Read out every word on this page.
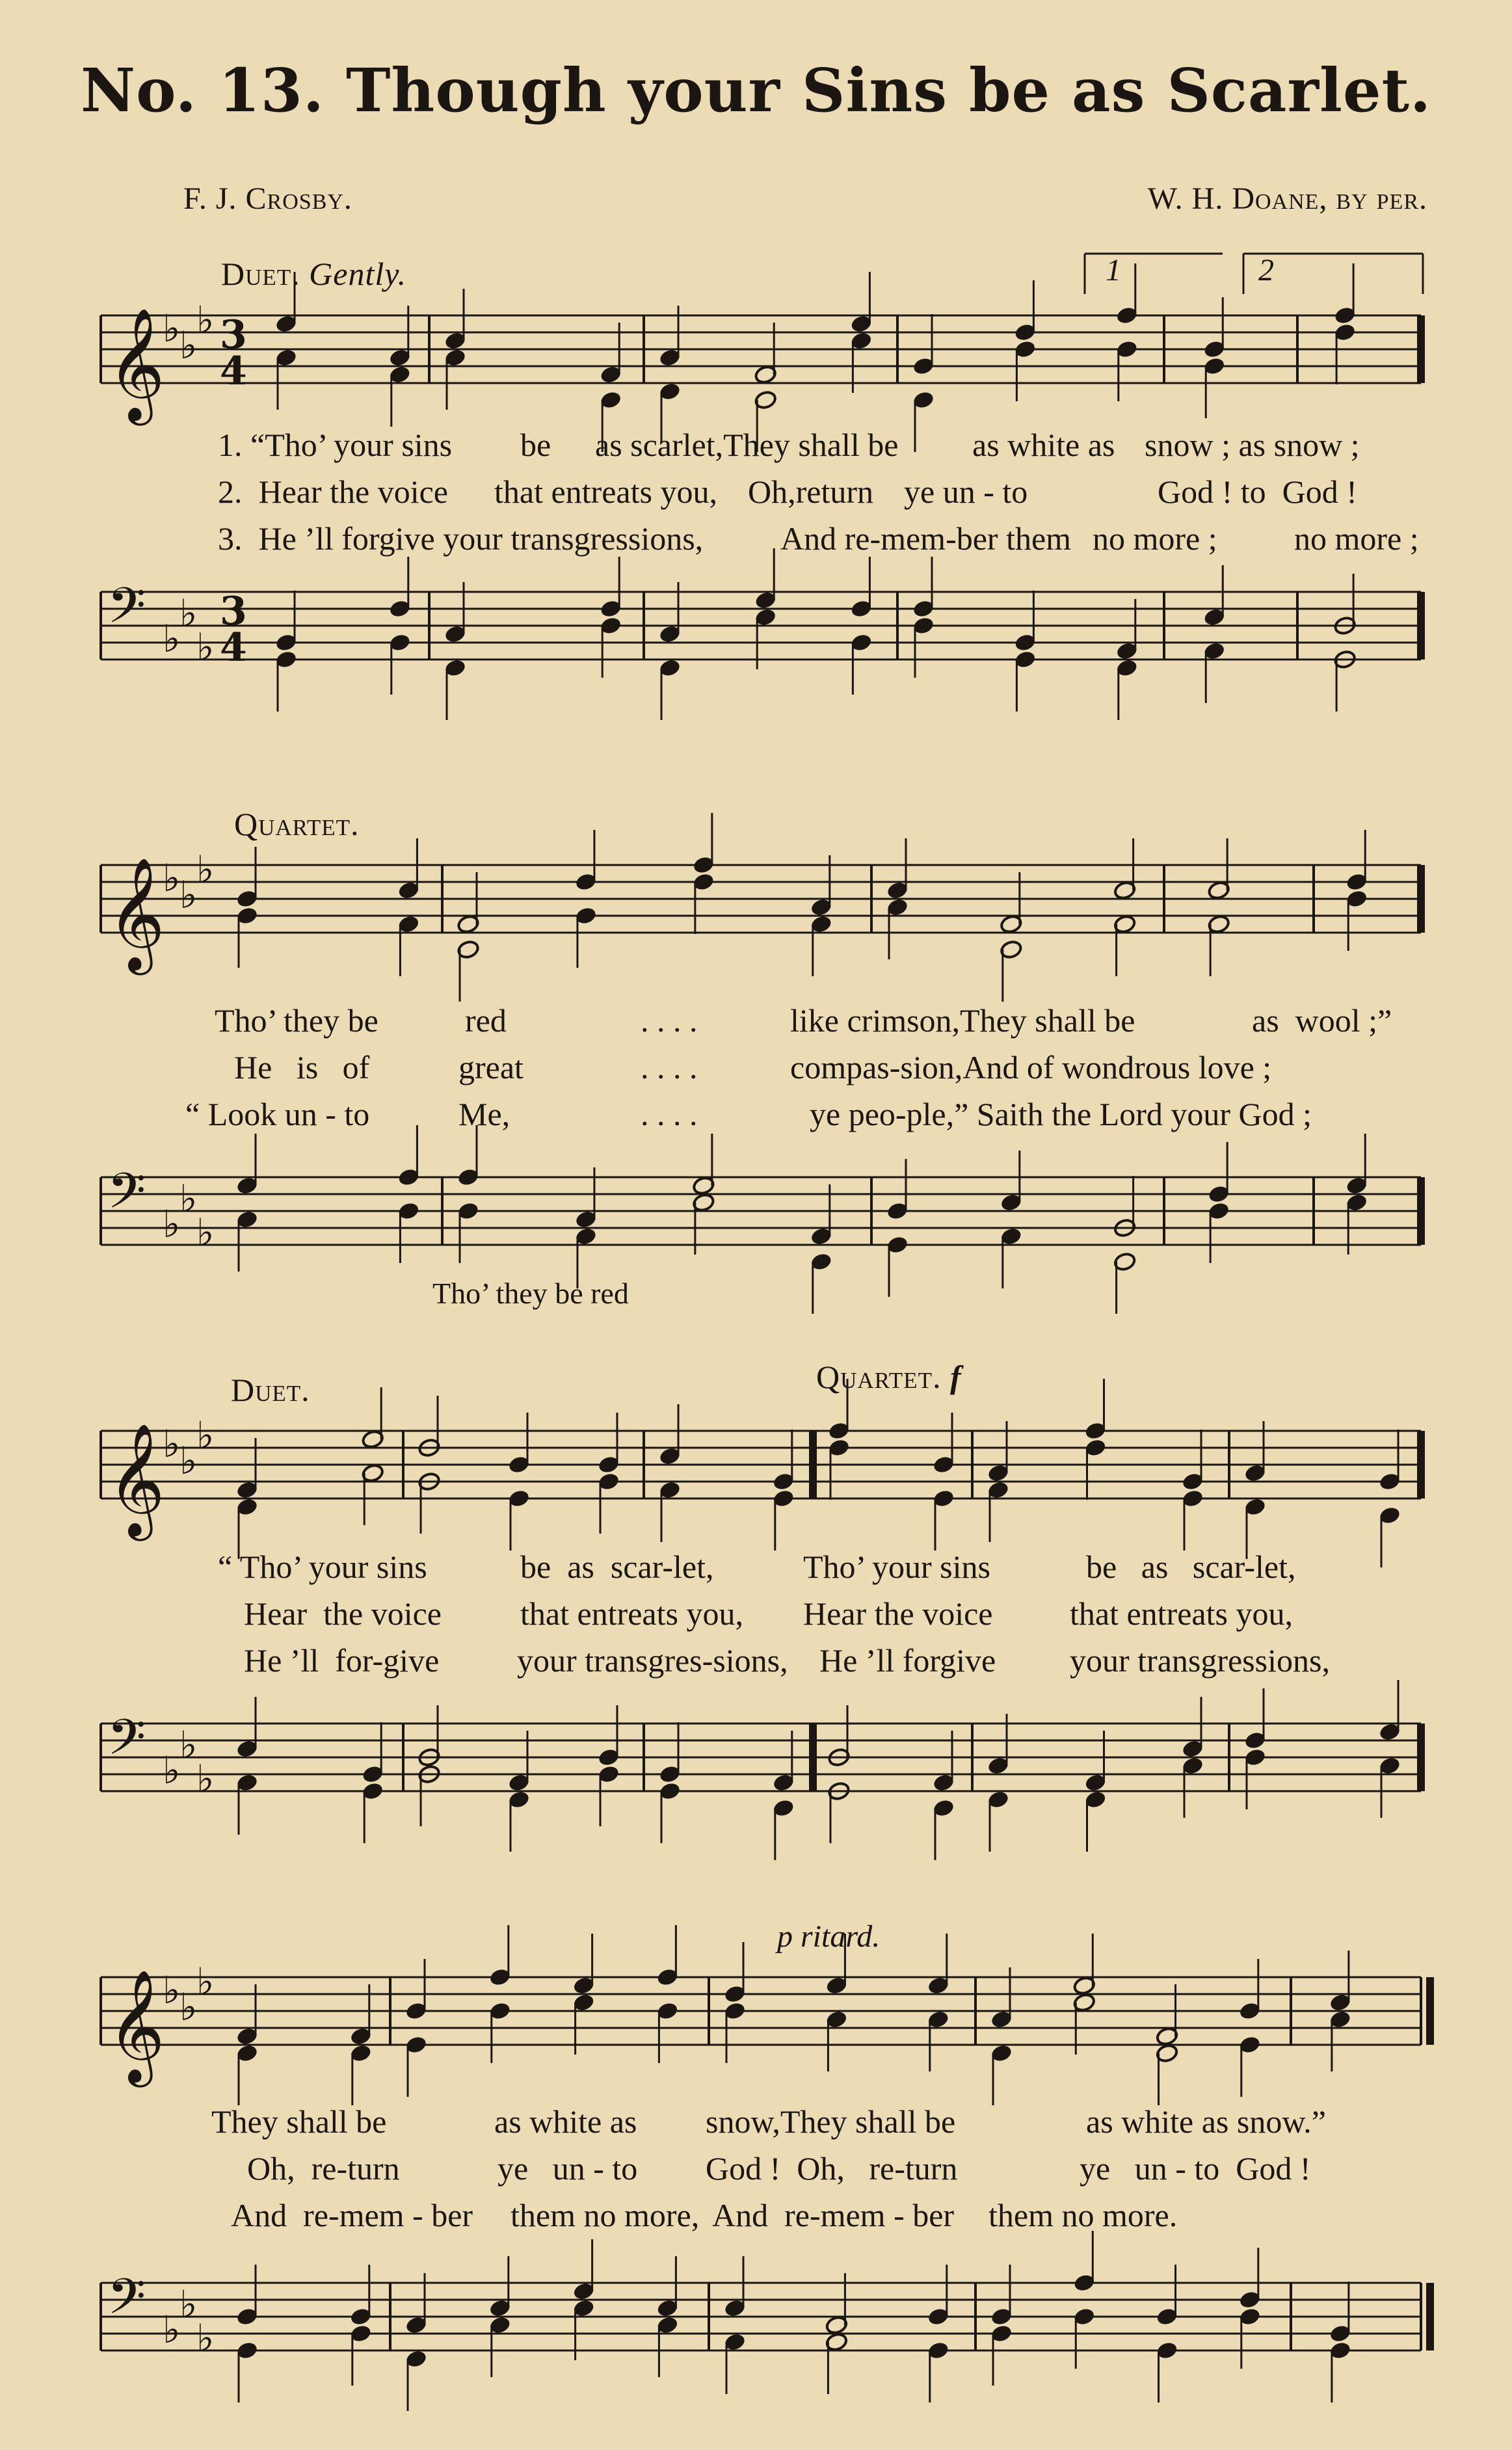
No. 13. Though your Sins be as Scarlet.
F. J. Crosby.	W. H. Doane, by per.
Duet. Gently.	1	2
𝄞
♭
♭
♭ 3
4

1. “Tho’ your sins be as scarlet,They shall be as white as snow ; as snow ;

2.  Hear the voice that entreats you, Oh,return ye un - to	God ! to  God !

3.  He ’ll forgive your transgressions, And re-mem-ber them no more ; no more ;

𝄢 ♭
♭
♭
3
4
Quartet.
𝄞
♭
♭
♭

Tho’ they be	red	. . . .	like crimson,They shall be	as  wool ;”

He   is   of	great	. . . .	compas-sion,And of wondrous love ;

“ Look un - to	Me,	. . . .	ye peo-ple,” Saith the Lord your God ;

𝄢 ♭
♭
♭
Tho’ they be red
Duet.	Quartet. f
𝄞
♭
♭
♭

“ Tho’ your sins	be  as  scar-let,	Tho’ your sins	be   as   scar-let,

Hear  the voice that entreats you, Hear the voice that entreats you,

He ’ll  for-give your transgres-sions, He ’ll forgive your transgressions,

𝄢 ♭
♭
♭
p ritard.
𝄞
♭
♭
♭

They shall be	as white as snow,They shall be	as white as snow.”

Oh,  re-turn	ye   un - to God !  Oh,   re-turn	ye   un - to  God !

And  re-mem - ber them no more, And  re-mem - ber them no more.

𝄢 ♭
♭
♭
